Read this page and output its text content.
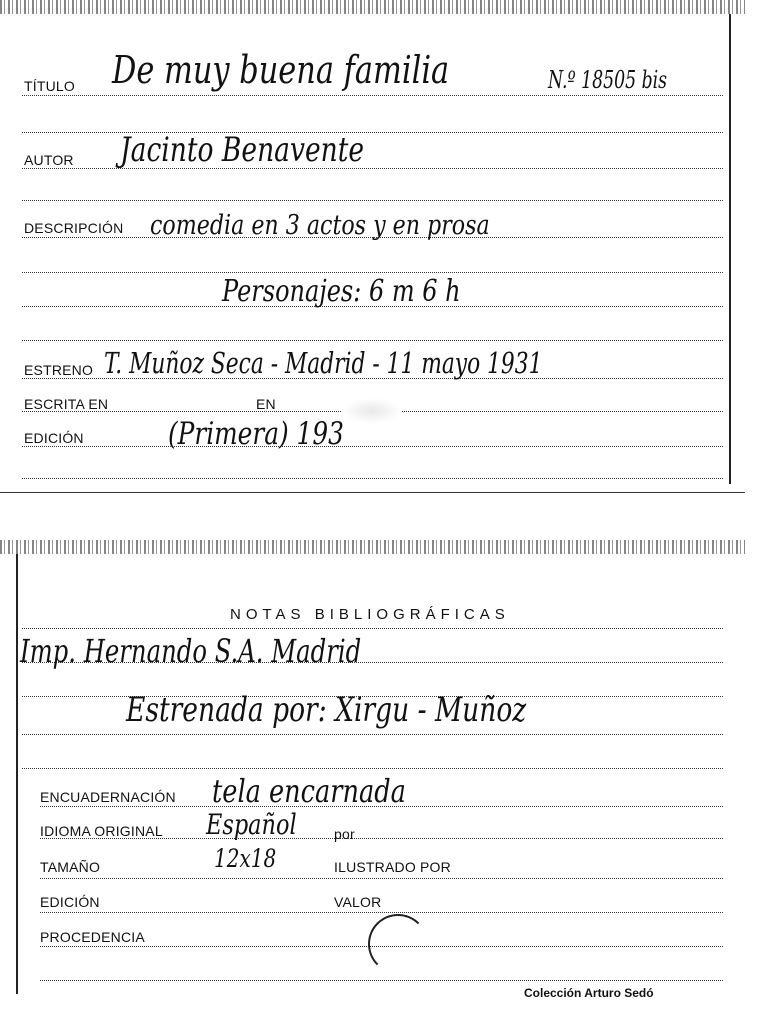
TÍTULO De muy buena familia	N.º 18505 bis
AUTOR Jacinto Benavente
DESCRIPCIÓN comedia en 3 actos y en prosa
Personajes: 6 m 6 h
ESTRENO T. Muñoz Seca - Madrid - 11 mayo 1931
ESCRITA EN	EN
EDICIÓN	(Primera) 193
NOTAS BIBLIOGRÁFICAS
Imp. Hernando S.A. Madrid
Estrenada por: Xirgu - Muñoz
ENCUADERNACIÓN tela encarnada
IDIOMA ORIGINAL Español	por
TAMAÑO	12x18	ILUSTRADO POR
EDICIÓN	VALOR
PROCEDENCIA
Colección Arturo Sedó
